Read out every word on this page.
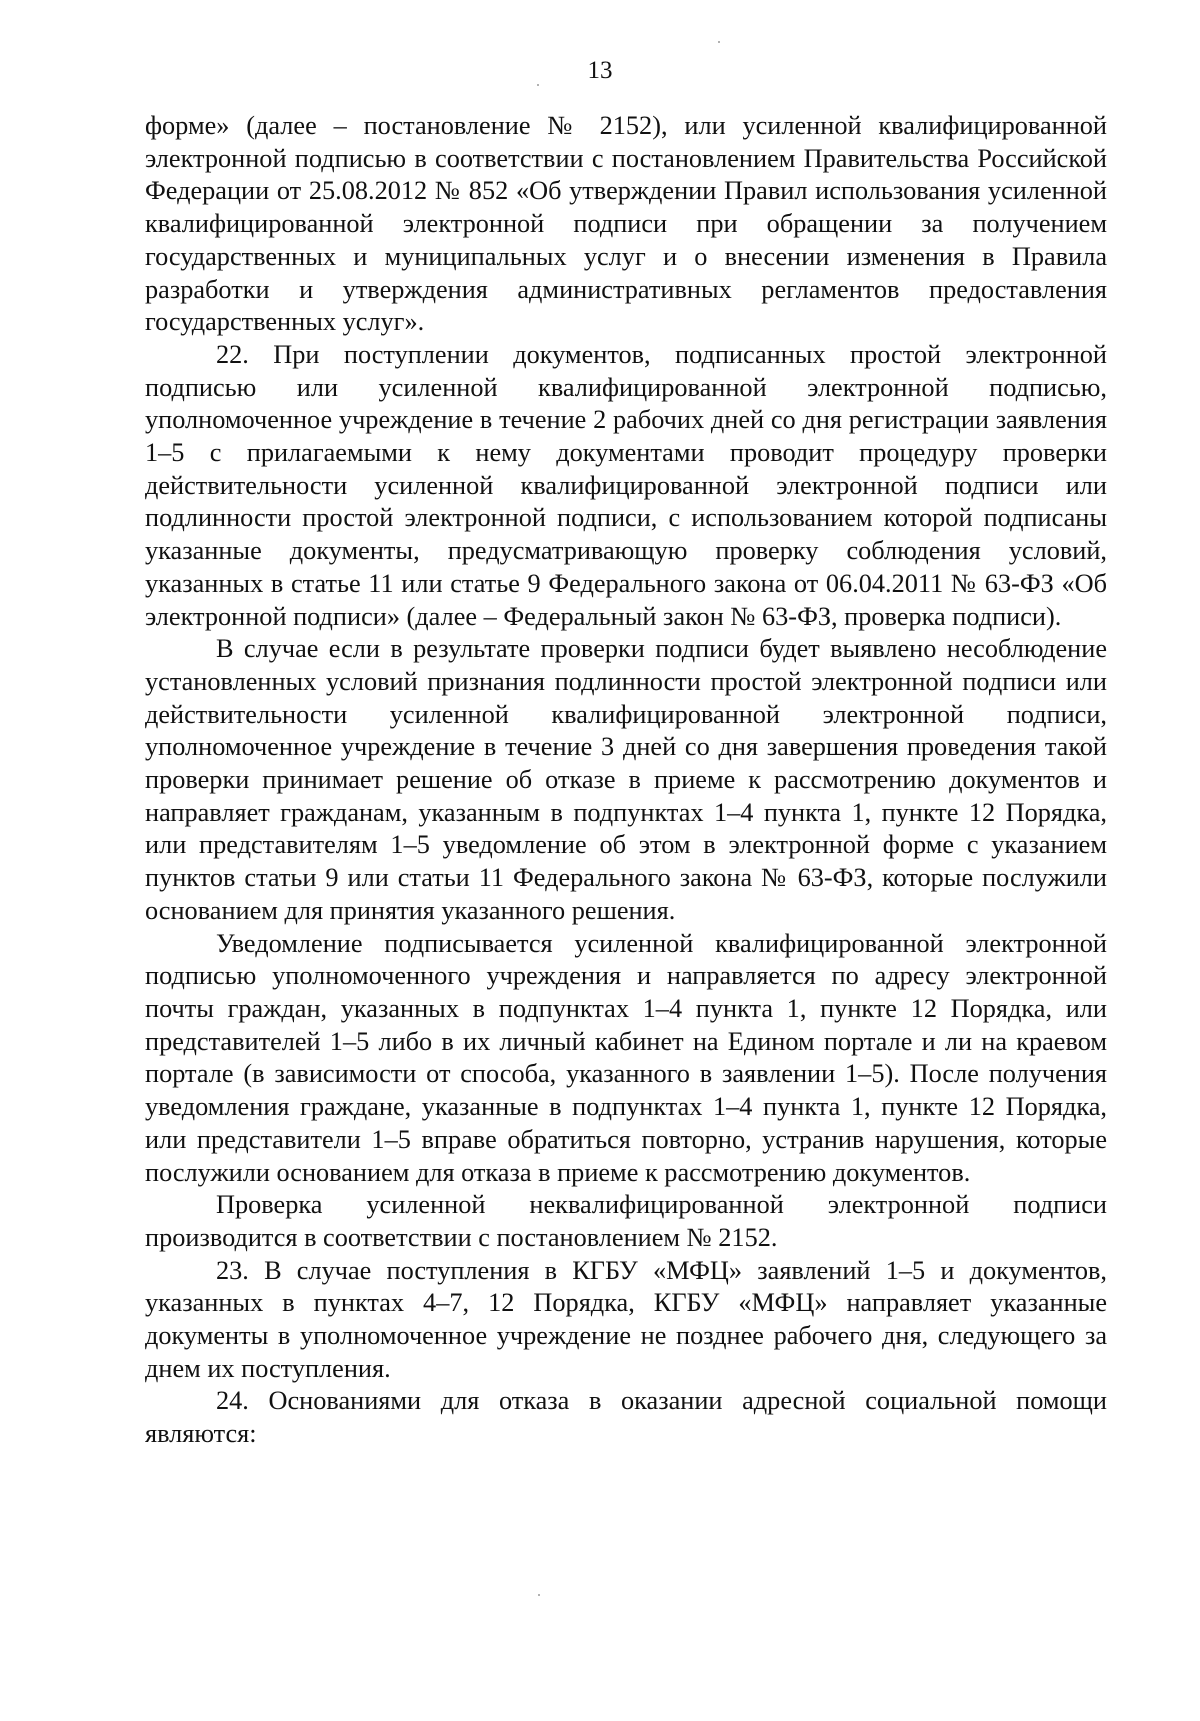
13

форме» (далее – постановление № 2152), или усиленной квалифицированной электронной подписью в соответствии с постановлением Правительства Российской Федерации от 25.08.2012 № 852 «Об утверждении Правил использования усиленной квалифицированной электронной подписи при обращении за получением государственных и муниципальных услуг и о внесении изменения в Правила разработки и утверждения административных регламентов предоставления государственных услуг».

22. При поступлении документов, подписанных простой электронной подписью или усиленной квалифицированной электронной подписью, уполномоченное учреждение в течение 2 рабочих дней со дня регистрации заявления 1–5 с прилагаемыми к нему документами проводит процедуру проверки действительности усиленной квалифицированной электронной подписи или подлинности простой электронной подписи, с использованием которой подписаны указанные документы, предусматривающую проверку соблюдения условий, указанных в статье 11 или статье 9 Федерального закона от 06.04.2011 № 63-ФЗ «Об электронной подписи» (далее – Федеральный закон № 63-ФЗ, проверка подписи).

В случае если в результате проверки подписи будет выявлено несоблюдение установленных условий признания подлинности простой электронной подписи или действительности усиленной квалифицированной электронной подписи, уполномоченное учреждение в течение 3 дней со дня завершения проведения такой проверки принимает решение об отказе в приеме к рассмотрению документов и направляет гражданам, указанным в подпунктах 1–4 пункта 1, пункте 12 Порядка, или представителям 1–5 уведомление об этом в электронной форме с указанием пунктов статьи 9 или статьи 11 Федерального закона № 63-ФЗ, которые послужили основанием для принятия указанного решения.

Уведомление подписывается усиленной квалифицированной электронной подписью уполномоченного учреждения и направляется по адресу электронной почты граждан, указанных в подпунктах 1–4 пункта 1, пункте 12 Порядка, или представителей 1–5 либо в их личный кабинет на Едином портале и ли на краевом портале (в зависимости от способа, указанного в заявлении 1–5). После получения уведомления граждане, указанные в подпунктах 1–4 пункта 1, пункте 12 Порядка, или представители 1–5 вправе обратиться повторно, устранив нарушения, которые послужили основанием для отказа в приеме к рассмотрению документов.

Проверка усиленной неквалифицированной электронной подписи производится в соответствии с постановлением № 2152.

23. В случае поступления в КГБУ «МФЦ» заявлений 1–5 и документов, указанных в пунктах 4–7, 12 Порядка, КГБУ «МФЦ» направляет указанные документы в уполномоченное учреждение не позднее рабочего дня, следующего за днем их поступления.

24. Основаниями для отказа в оказании адресной социальной помощи являются:
